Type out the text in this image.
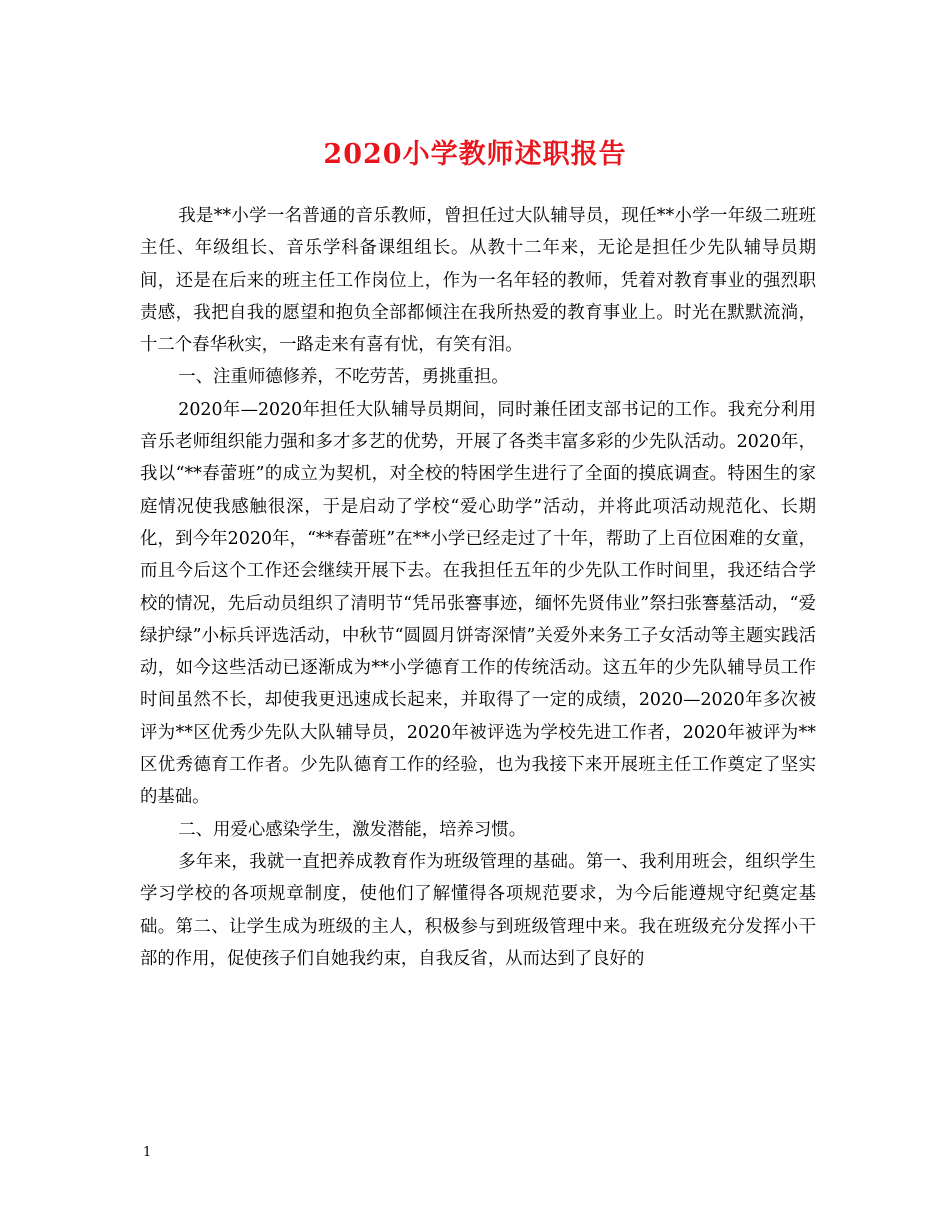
2020小学教师述职报告

我是**小学一名普通的音乐教师，曾担任过大队辅导员，现任**小学一年级二班班主任、年级组长、音乐学科备课组组长。从教十二年来，无论是担任少先队辅导员期间，还是在后来的班主任工作岗位上，作为一名年轻的教师，凭着对教育事业的强烈职责感，我把自我的愿望和抱负全部都倾注在我所热爱的教育事业上。时光在默默流淌，十二个春华秋实，一路走来有喜有忧，有笑有泪。

一、注重师德修养，不吃劳苦，勇挑重担。

2020年—2020年担任大队辅导员期间，同时兼任团支部书记的工作。我充分利用音乐老师组织能力强和多才多艺的优势，开展了各类丰富多彩的少先队活动。2020年，我以“**春蕾班”的成立为契机，对全校的特困学生进行了全面的摸底调查。特困生的家庭情况使我感触很深，于是启动了学校“爱心助学”活动，并将此项活动规范化、长期化，到今年2020年，“**春蕾班”在**小学已经走过了十年，帮助了上百位困难的女童，而且今后这个工作还会继续开展下去。在我担任五年的少先队工作时间里，我还结合学校的情况，先后动员组织了清明节“凭吊张謇事迹，缅怀先贤伟业”祭扫张謇墓活动，“爱绿护绿”小标兵评选活动，中秋节“圆圆月饼寄深情”关爱外来务工子女活动等主题实践活动，如今这些活动已逐渐成为**小学德育工作的传统活动。这五年的少先队辅导员工作时间虽然不长，却使我更迅速成长起来，并取得了一定的成绩，2020—2020年多次被评为**区优秀少先队大队辅导员，2020年被评选为学校先进工作者，2020年被评为**区优秀德育工作者。少先队德育工作的经验，也为我接下来开展班主任工作奠定了坚实的基础。

二、用爱心感染学生，激发潜能，培养习惯。

多年来，我就一直把养成教育作为班级管理的基础。第一、我利用班会，组织学生学习学校的各项规章制度，使他们了解懂得各项规范要求，为今后能遵规守纪奠定基础。第二、让学生成为班级的主人，积极参与到班级管理中来。我在班级充分发挥小干部的作用，促使孩子们自她我约束，自我反省，从而达到了良好的

1
